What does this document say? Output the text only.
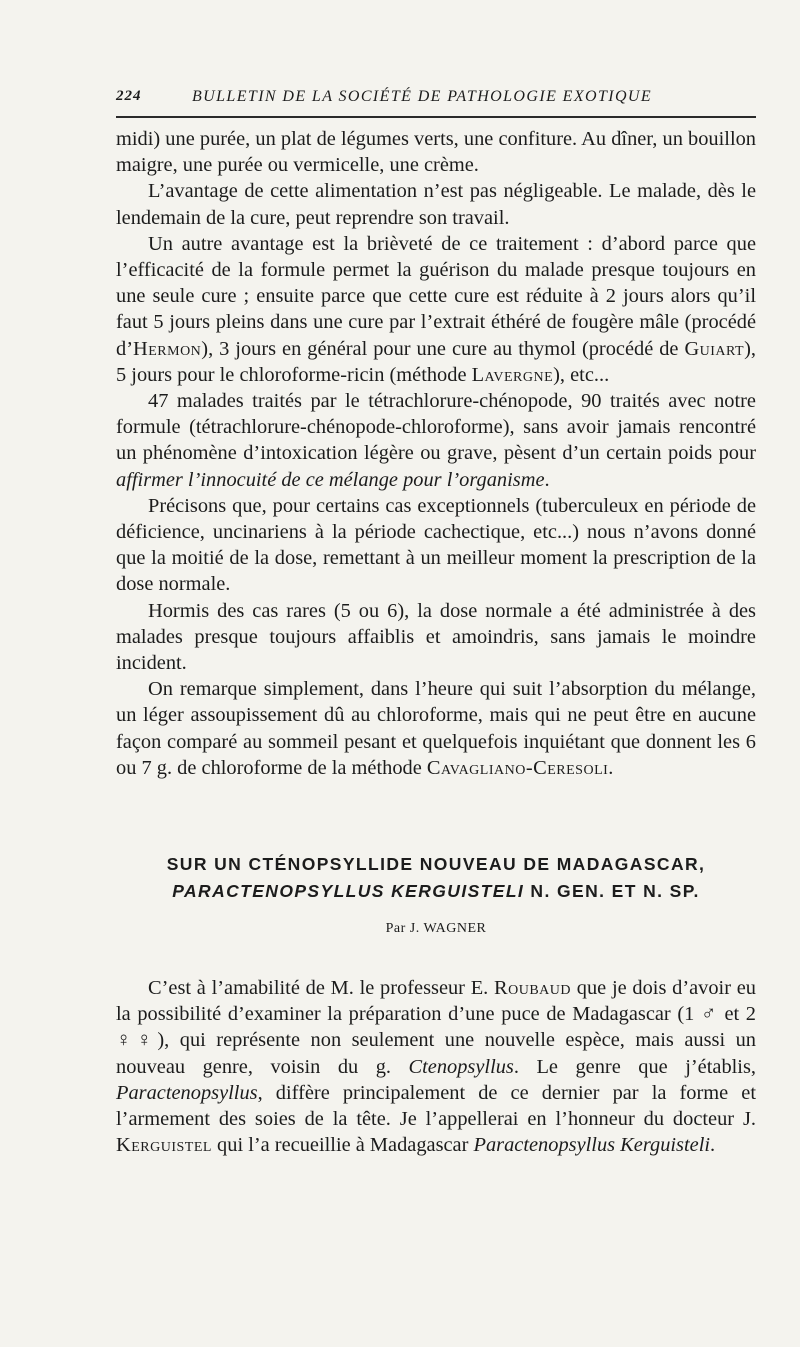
224	BULLETIN DE LA SOCIÉTÉ DE PATHOLOGIE EXOTIQUE

midi) une purée, un plat de légumes verts, une confiture. Au dîner, un bouillon maigre, une purée ou vermicelle, une crème.

L’avantage de cette alimentation n’est pas négligeable. Le malade, dès le lendemain de la cure, peut reprendre son travail.

Un autre avantage est la brièveté de ce traitement : d’abord parce que l’efficacité de la formule permet la guérison du malade presque toujours en une seule cure ; ensuite parce que cette cure est réduite à 2 jours alors qu’il faut 5 jours pleins dans une cure par l’extrait éthéré de fougère mâle (procédé d’Hermon), 3 jours en général pour une cure au thymol (procédé de Guiart), 5 jours pour le chloroforme-ricin (méthode Lavergne), etc...

47 malades traités par le tétrachlorure-chénopode, 90 traités avec notre formule (tétrachlorure-chénopode-chloroforme), sans avoir jamais rencontré un phénomène d’intoxication légère ou grave, pèsent d’un certain poids pour affirmer l’innocuité de ce mélange pour l’organisme.

Précisons que, pour certains cas exceptionnels (tuberculeux en période de déficience, uncinariens à la période cachectique, etc...) nous n’avons donné que la moitié de la dose, remettant à un meilleur moment la prescription de la dose normale.

Hormis des cas rares (5 ou 6), la dose normale a été administrée à des malades presque toujours affaiblis et amoindris, sans jamais le moindre incident.

On remarque simplement, dans l’heure qui suit l’absorption du mélange, un léger assoupissement dû au chloroforme, mais qui ne peut être en aucune façon comparé au sommeil pesant et quelquefois inquiétant que donnent les 6 ou 7 g. de chloroforme de la méthode Cavagliano-Ceresoli.

SUR UN CTÉNOPSYLLIDE NOUVEAU DE MADAGASCAR,
PARACTENOPSYLLUS KERGUISTELI N. GEN. ET N. SP.
Par J. WAGNER

C’est à l’amabilité de M. le professeur E. Roubaud que je dois d’avoir eu la possibilité d’examiner la préparation d’une puce de Madagascar (1 ♂ et 2 ♀♀), qui représente non seulement une nouvelle espèce, mais aussi un nouveau genre, voisin du g. Ctenopsyllus. Le genre que j’établis, Paractenopsyllus, diffère principalement de ce dernier par la forme et l’armement des soies de la tête. Je l’appellerai en l’honneur du docteur J. Kerguistel qui l’a recueillie à Madagascar Paractenopsyllus Kerguisteli.
